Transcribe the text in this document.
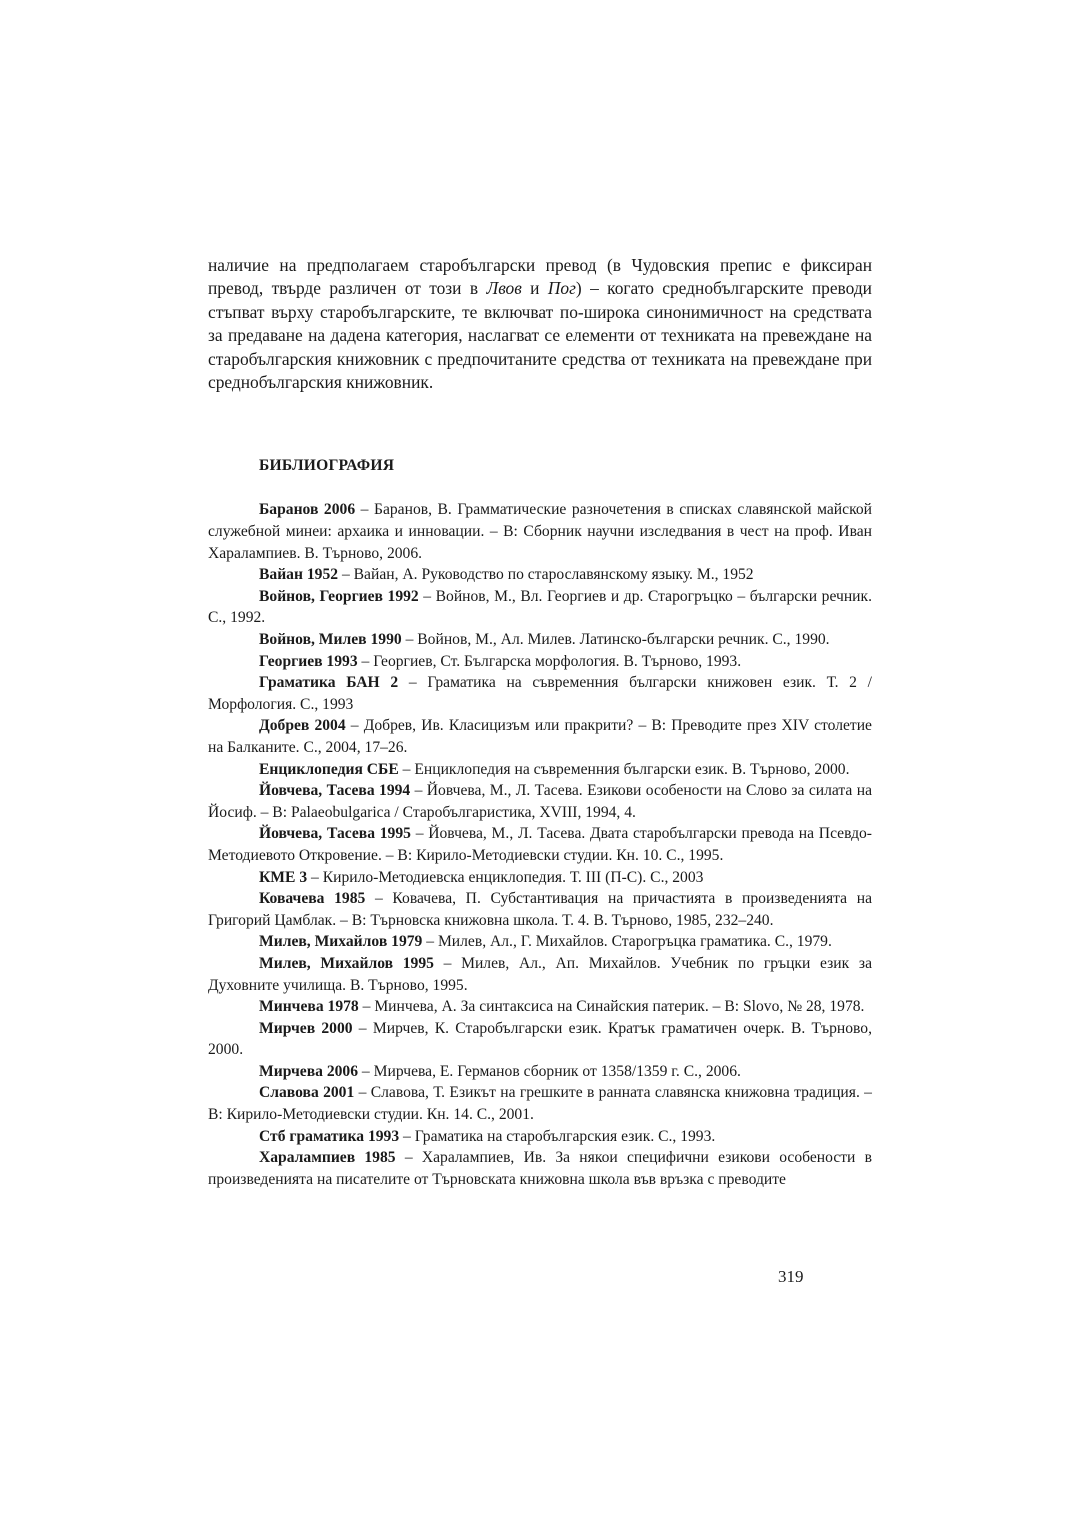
наличие на предполагаем старобългарски превод (в Чудовския препис е фиксиран превод, твърде различен от този в Лвов и Пог) – когато среднобългарските преводи стъпват върху старобългарските, те включват по-широка синонимичност на средствата за предаване на дадена категория, наслагват се елементи от техниката на превеждане на старобългарския книжовник с предпочитаните средства от техниката на превеждане при среднобългарския книжовник.

БИБЛИОГРАФИЯ

Баранов 2006 – Баранов, В. Грамматические разночетения в списках славянской майской служебной минеи: архаика и инновации. – В: Сборник научни изследвания в чест на проф. Иван Харалампиев. В. Търново, 2006.

Вайан 1952 – Вайан, А. Руководство по старославянскому языку. М., 1952

Войнов, Георгиев 1992 – Войнов, М., Вл. Георгиев и др. Старогръцко – български речник. С., 1992.

Войнов, Милев 1990 – Войнов, М., Ал. Милев. Латинско-български речник. С., 1990.

Георгиев 1993 – Георгиев, Ст. Българска морфология. В. Търново, 1993.

Граматика БАН 2 – Граматика на съвременния български книжовен език. Т. 2 / Морфология. С., 1993

Добрев 2004 – Добрев, Ив. Класицизъм или пракрити? – В: Преводите през XIV столетие на Балканите. С., 2004, 17–26.

Енциклопедия СБЕ – Енциклопедия на съвременния български език. В. Търново, 2000.

Йовчева, Тасева 1994 – Йовчева, М., Л. Тасева. Езикови особености на Слово за силата на Йосиф. – В: Palaeobulgarica / Старобългаристика, XVIII, 1994, 4.

Йовчева, Тасева 1995 – Йовчева, М., Л. Тасева. Двата старобългарски превода на Псевдо-Методиевото Откровение. – В: Кирило-Методиевски студии. Кн. 10. С., 1995.

КМЕ 3 – Кирило-Методиевска енциклопедия. Т. III (П-С). С., 2003

Ковачева 1985 – Ковачева, П. Субстантивация на причастията в произведенията на Григорий Цамблак. – В: Търновска книжовна школа. Т. 4. В. Търново, 1985, 232–240.

Милев, Михайлов 1979 – Милев, Ал., Г. Михайлов. Старогръцка граматика. С., 1979.

Милев, Михайлов 1995 – Милев, Ал., Ап. Михайлов. Учебник по гръцки език за Духовните училища. В. Търново, 1995.

Минчева 1978 – Минчева, А. За синтаксиса на Синайския патерик. – В: Slovo, № 28, 1978.

Мирчев 2000 – Мирчев, К. Старобългарски език. Кратък граматичен очерк. В. Търново, 2000.

Мирчева 2006 – Мирчева, Е. Германов сборник от 1358/1359 г. С., 2006.

Славова 2001 – Славова, Т. Езикът на грешките в ранната славянска книжовна традиция. – В: Кирило-Методиевски студии. Кн. 14. С., 2001.

Стб граматика 1993 – Граматика на старобългарския език. С., 1993.

Харалампиев 1985 – Харалампиев, Ив. За някои специфични езикови особености в произведенията на писателите от Търновската книжовна школа във връзка с преводите

319
